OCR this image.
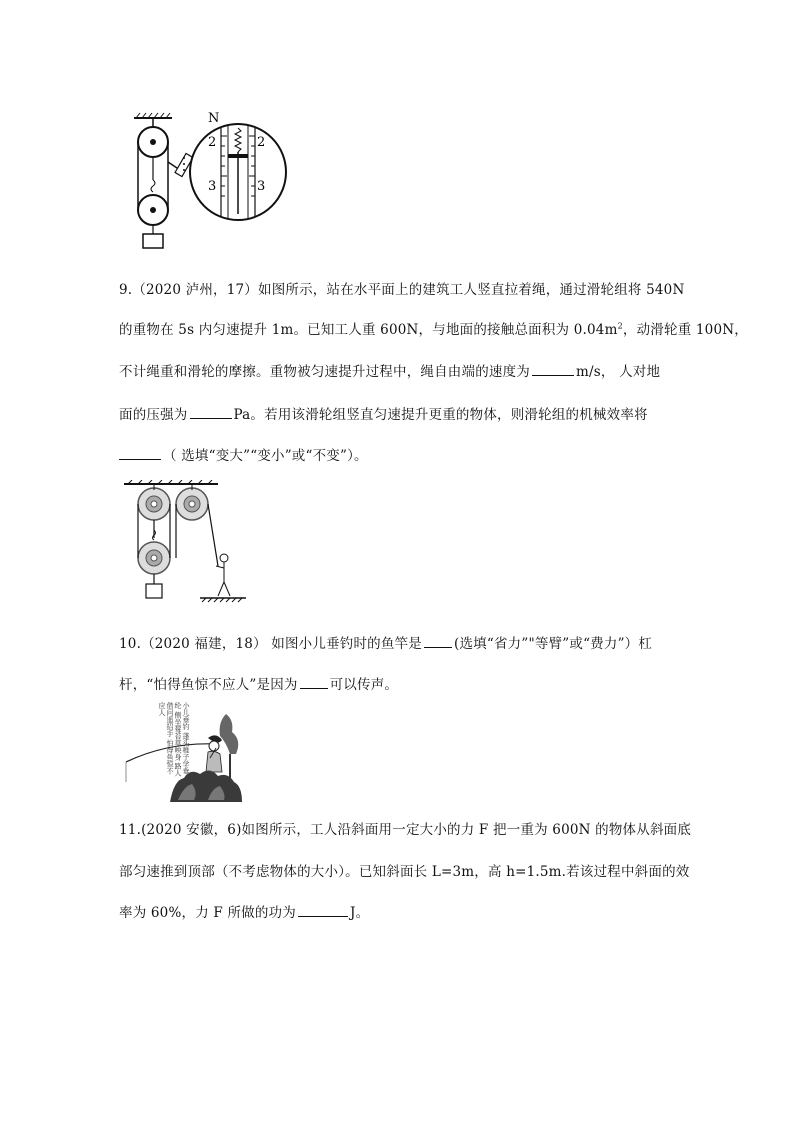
N
2
3
2
3
9.（2020 泸州，17）如图所示，站在水平面上的建筑工人竖直拉着绳，通过滑轮组将 540N
的重物在 5s 内匀速提升 1m。已知工人重 600N，与地面的接触总面积为 $0.04m^2$，动滑轮重 100N，
不计绳重和滑轮的摩擦。重物被匀速提升过程中，绳自由端的速度为	m/s， 人对地
面的压强为	Pa。若用该滑轮组竖直匀速提升更重的物体，则滑轮组的机械效率将
（ 选填“变大”“变小”或“不变”）。
10.（2020 福建，18） 如图小儿垂钓时的鱼竿是 (选填“省力”"等臂”或“费力”）杠
杆，“怕得鱼惊不应人”是因为 可以传声。
小儿垂钓 蓬头稚子学垂纶 侧坐莓苔草映身 路人借问遥招手 怕得鱼惊不应人
11.(2020 安徽，6)如图所示，工人沿斜面用一定大小的力 F 把一重为 600N 的物体从斜面底
部匀速推到顶部（不考虑物体的大小）。已知斜面长 L=3m，高 h=1.5m.若该过程中斜面的效
率为 60%，力 F 所做的功为	J。
